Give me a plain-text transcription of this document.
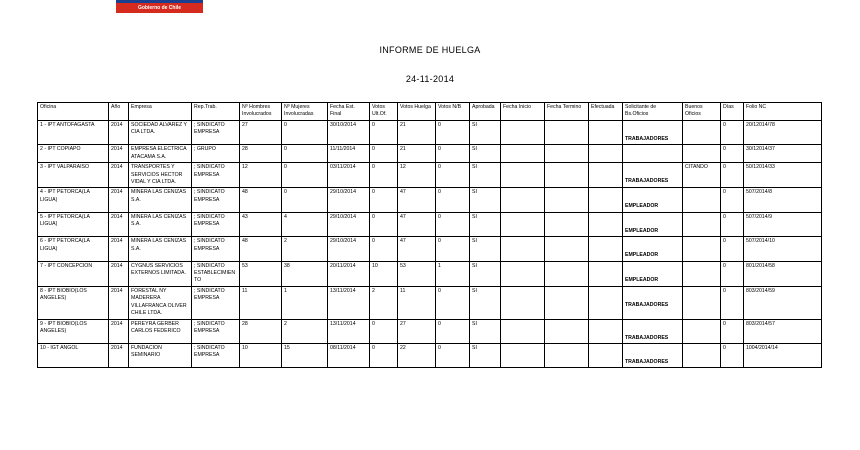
Gobierno de Chile
INFORME DE HUELGA
24-11-2014
Oficina	Año	Empresa	Rep.Trab.	Nº Hombres Involucrados	Nº Mujeres Involucradas	Fecha Est. Final	Votos Ult.Of.	Votos Huelga	Votos N/B	Aprobada	Fecha Inicio	Fecha Termino	Efectuada	Solicitante de Bs.Oficios	Buenos Oficios	Días	Folio NC
1 - IPT ANTOFAGASTA	2014	SOCIEDAD ALVAREZ Y CIA LTDA.	; SINDICATO EMPRESA	27	0	30/10/2014	0	21	0	SI				TRABAJADORES		0	20/12014/78
2 - IPT COPIAPO	2014	EMPRESA ELECTRICA ATACAMA S.A.	; GRUPO	28	0	11/11/2014	0	21	0	SI						0	30/12014/37
3 - IPT VALPARAISO	2014	TRANSPORTES Y SERVICIOS HECTOR VIDAL Y CIA LTDA.	; SINDICATO EMPRESA	12	0	03/11/2014	0	12	0	SI				TRABAJADORES	CITANDO	0	50/12014/33
4 - IPT PETORCA(LA LIGUA)	2014	MINERA LAS CENIZAS S.A.	; SINDICATO EMPRESA	48	0	29/10/2014	0	47	0	SI				EMPLEADOR		0	507/2014/8
5 - IPT PETORCA(LA LIGUA)	2014	MINERA LAS CENIZAS S.A.	; SINDICATO EMPRESA	43	4	29/10/2014	0	47	0	SI				EMPLEADOR		0	507/2014/9
6 - IPT PETORCA(LA LIGUA)	2014	MINERA LAS CENIZAS S.A.	; SINDICATO EMPRESA	48	2	29/10/2014	0	47	0	SI				EMPLEADOR		0	507/2014/10
7 - IPT CONCEPCION	2014	CYGNUS SERVICIOS EXTERNOS LIMITADA.	; SINDICATO ESTABLECIMIENTO	53	38	20/11/2014	10	53	1	SI				EMPLEADOR		0	801/2014/58
8 - IPT BIOBIO(LOS ANGELES)	2014	FORESTAL NY MADERERA VILLAFRANCA OLIVER CHILE LTDA.	; SINDICATO EMPRESA	11	1	13/11/2014	2	11	0	SI				TRABAJADORES		0	803/2014/59
9 - IPT BIOBIO(LOS ANGELES)	2014	PEREYRA GERBER CARLOS FEDERICO	; SINDICATO EMPRESA	28	2	13/11/2014	0	27	0	SI				TRABAJADORES		0	803/2014/57
10 - IGT ANGOL	2014	FUNDACION SEMINARIO	; SINDICATO EMPRESA	10	15	08/11/2014	0	22	0	SI				TRABAJADORES		0	1004/2014/14
